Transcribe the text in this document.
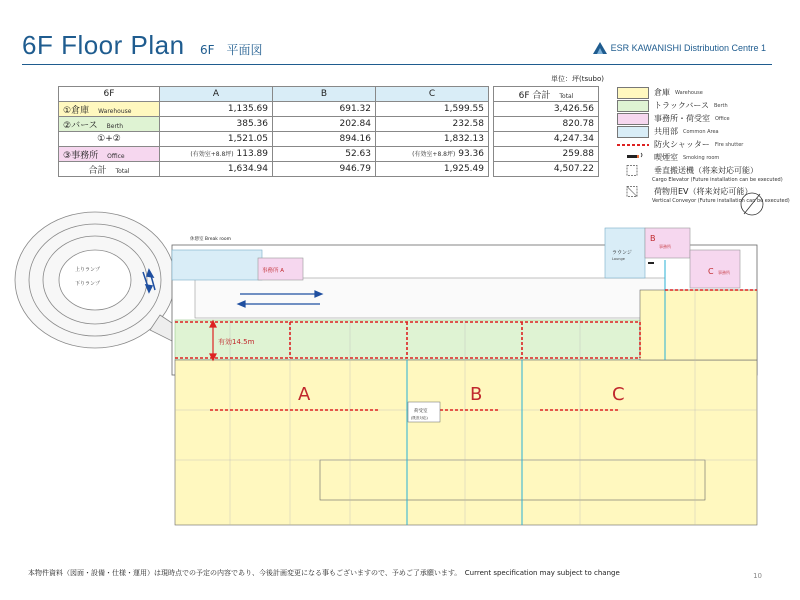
6F Floor Plan 6F　平面図	ESR KAWANISHI Distribution Centre 1
単位：坪(tsubo)
6F	A	B	C		6F 合計　 Total
①倉庫　 Warehouse	1,135.69	691.32	1,599.55		3,426.56
②バース　 Berth	385.36	202.84	232.58		820.78
①+②	1,521.05	894.16	1,832.13		4,247.34
③事務所　 Office	(有効室+8.8坪) 113.89	52.63	(有効室+8.8坪) 93.36		259.88
合計　 Total	1,634.94	946.79	1,925.49		4,507.22
倉庫 Warehouse
トラックバース Berth
事務所・荷受室 Office
共用部 Common Area
防火シャッター Fire shutter
喫煙室 Smoking room
垂直搬送機（将来対応可能）
Cargo Elevator (Future installation can be executed)
荷物用EV（将来対応可能）
Vertical Conveyor (Future installation can be executed)
上りランプ
下りランプ
休憩室 Break room
事務所 A
ラウンジ
Lounge
B
事務所
C 事務所
有効14.5m
A	B	C
荷受室
(既設対応)
本物件資料（図面・設備・仕様・運用）は現時点での予定の内容であり、今後計画変更になる事もございますので、予めご了承願います。　Current specification may subject to change	10
